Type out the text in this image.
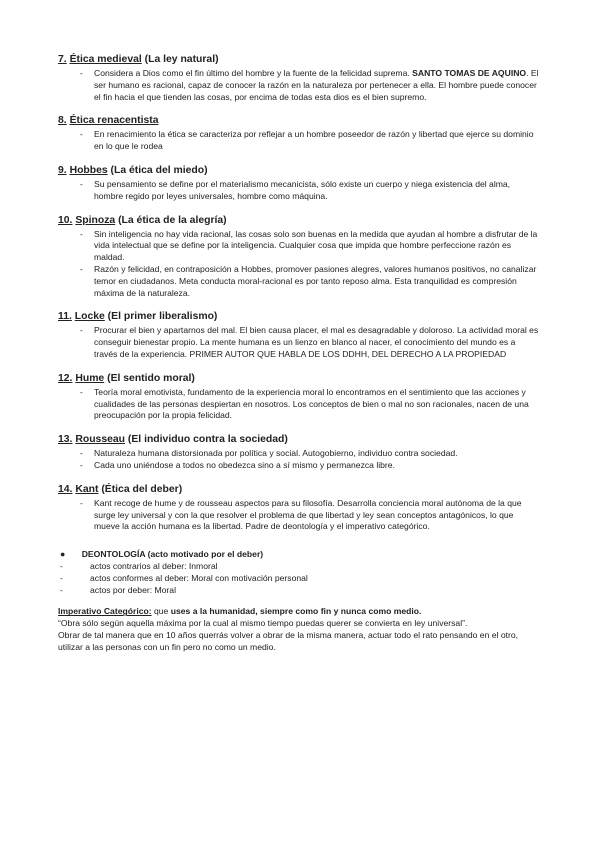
7. Ética medieval (La ley natural)
- Considera a Dios como el fin último del hombre y la fuente de la felicidad suprema. SANTO TOMAS DE AQUINO. El ser humano es racional, capaz de conocer la razón en la naturaleza por pertenecer a ella. El hombre puede conocer el fin hacia el que tienden las cosas, por encima de todas esta dios es el bien supremo.
8. Ética renacentista
- En renacimiento la ética se caracteriza por reflejar a un hombre poseedor de razón y libertad que ejerce su dominio en lo que le rodea
9. Hobbes (La ética del miedo)
- Su pensamiento se define por el materialismo mecanicista, sólo existe un cuerpo y niega existencia del alma, hombre regido por leyes universales, hombre como máquina.
10. Spinoza (La ética de la alegría)
- Sin inteligencia no hay vida racional, las cosas solo son buenas en la medida que ayudan al hombre a disfrutar de la vida intelectual que se define por la inteligencia. Cualquier cosa que impida que hombre perfeccione razón es maldad.
- Razón y felicidad, en contraposición a Hobbes, promover pasiones alegres, valores humanos positivos, no canalizar temor en ciudadanos. Meta conducta moral-racional es por tanto reposo alma. Esta tranquilidad es compresión máxima de la naturaleza.
11. Locke (El primer liberalismo)
- Procurar el bien y apartarnos del mal. El bien causa placer, el mal es desagradable y doloroso. La actividad moral es conseguir bienestar propio. La mente humana es un lienzo en blanco al nacer, el conocimiento del mundo es a través de la experiencia. PRIMER AUTOR QUE HABLA DE LOS DDHH, DEL DERECHO A LA PROPIEDAD
12. Hume (El sentido moral)
- Teoría moral emotivista, fundamento de la experiencia moral lo encontramos en el sentimiento que las acciones y cualidades de las personas despiertan en nosotros. Los conceptos de bien o mal no son racionales, nacen de una preocupación por la propia felicidad.
13. Rousseau (El individuo contra la sociedad)
- Naturaleza humana distorsionada por política y social. Autogobierno, individuo contra sociedad.
- Cada uno uniéndose a todos no obedezca sino a sí mismo y permanezca libre.
14. Kant (Ética del deber)
- Kant recoge de hume y de rousseau aspectos para su filosofía. Desarrolla conciencia moral autónoma de la que surge ley universal y con la que resolver el problema de que libertad y ley sean conceptos antagónicos, lo que mueve la acción humana es la libertad. Padre de deontología y el imperativo categórico.
● DEONTOLOGÍA (acto motivado por el deber)
-	actos contrarios al deber: Inmoral
-	actos conformes al deber: Moral con motivación personal
-	actos por deber: Moral

Imperativo Categórico: que uses a la humanidad, siempre como fin y nunca como medio.

“Obra sólo según aquella máxima por la cual al mismo tiempo puedas querer se convierta en ley universal”.

Obrar de tal manera que en 10 años querrás volver a obrar de la misma manera, actuar todo el rato pensando en el otro, utilizar a las personas con un fin pero no como un medio.
